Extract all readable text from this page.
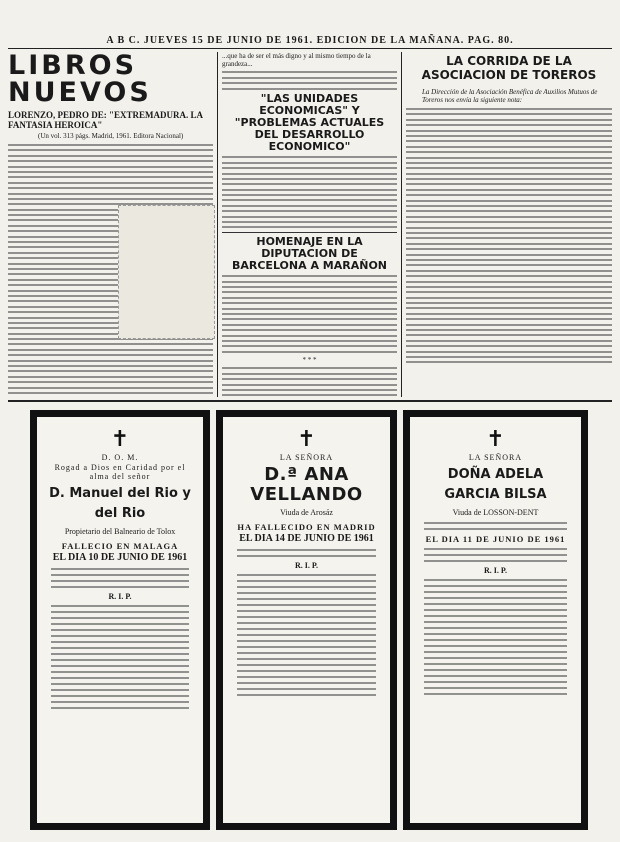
A B C. JUEVES 15 DE JUNIO DE 1961. EDICION DE LA MAÑANA. PAG. 80.
LIBROS NUEVOS
LORENZO, PEDRO DE: "EXTREMADURA. LA FANTASIA HEROICA"
(Un vol. 313 págs. Madrid, 1961. Editora Nacional)
...que ha de ser el más digno y al mismo tiempo de la grandeza...
"LAS UNIDADES ECONOMICAS" Y "PROBLEMAS ACTUALES DEL DESARROLLO ECONOMICO"
HOMENAJE EN LA DIPUTACION DE BARCELONA A MARAÑON
* * *
LA CORRIDA DE LA ASOCIACION DE TOREROS
La Dirección de la Asociación Benéfica de Auxilios Mutuos de Toreros nos envía la siguiente nota:
✝
D. O. M.
Rogad a Dios en Caridad por el alma del señor
D. Manuel del Rio y del Rio
Propietario del Balneario de Tolox
FALLECIO EN MALAGA
EL DIA 10 DE JUNIO DE 1961
R. I. P.
✝
LA SEÑORA
D.ª ANA VELLANDO
Viuda de Arosáz
HA FALLECIDO EN MADRID
EL DIA 14 DE JUNIO DE 1961
R. I. P.
✝
LA SEÑORA
DOÑA ADELA GARCIA BILSA
Viuda de LOSSON-DENT
EL DIA 11 DE JUNIO DE 1961
R. I. P.
